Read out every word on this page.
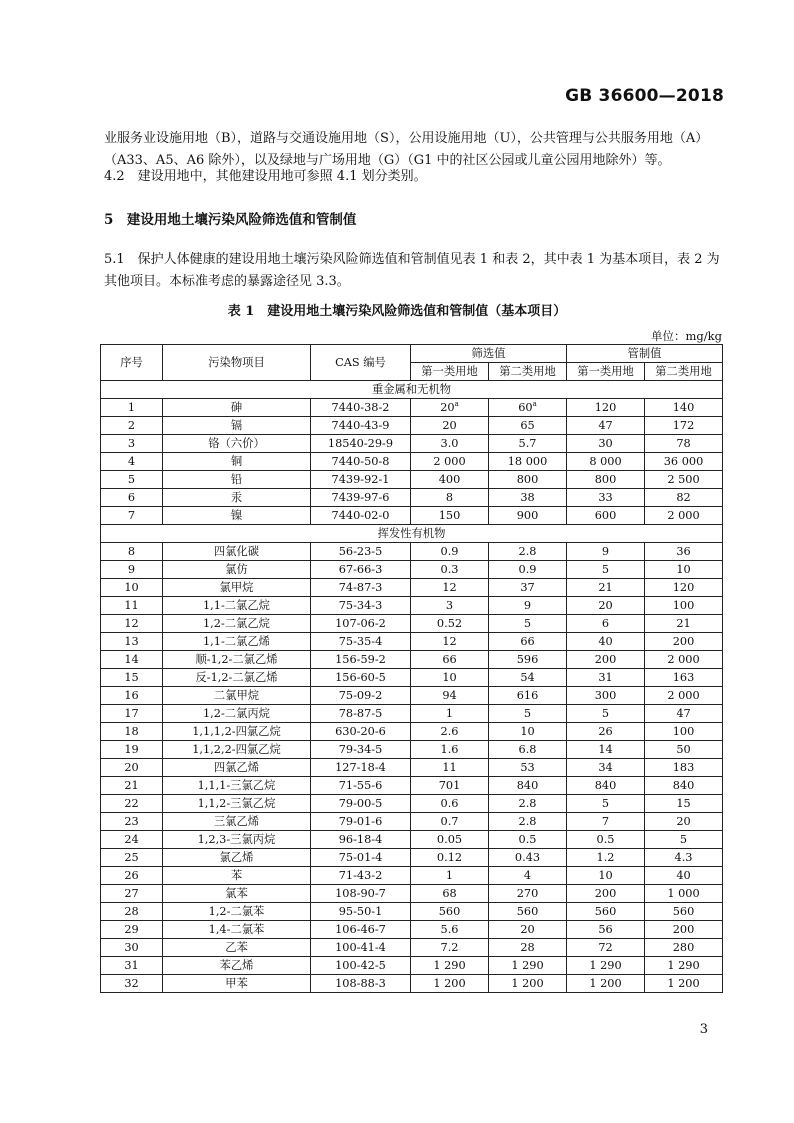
GB 36600—2018
业服务业设施用地（B），道路与交通设施用地（S），公用设施用地（U），公共管理与公共服务用地（A）（A33、A5、A6 除外），以及绿地与广场用地（G）（G1 中的社区公园或儿童公园用地除外）等。
4.2　建设用地中，其他建设用地可参照 4.1 划分类别。
5　建设用地土壤污染风险筛选值和管制值
5.1　保护人体健康的建设用地土壤污染风险筛选值和管制值见表 1 和表 2，其中表 1 为基本项目，表 2 为其他项目。本标准考虑的暴露途径见 3.3。
表 1　建设用地土壤污染风险筛选值和管制值（基本项目）
单位：mg/kg
序号	污染物项目	CAS 编号	筛选值		管制值	
			第一类用地	第二类用地	第一类用地	第二类用地
重金属和无机物						
1	砷	7440-38-2	20$^a$	60$^a$	120	140
2	镉	7440-43-9	20	65	47	172
3	铬（六价）	18540-29-9	3.0	5.7	30	78
4	铜	7440-50-8	2 000	18 000	8 000	36 000
5	铅	7439-92-1	400	800	800	2 500
6	汞	7439-97-6	8	38	33	82
7	镍	7440-02-0	150	900	600	2 000
挥发性有机物						
8	四氯化碳	56-23-5	0.9	2.8	9	36
9	氯仿	67-66-3	0.3	0.9	5	10
10	氯甲烷	74-87-3	12	37	21	120
11	1,1-二氯乙烷	75-34-3	3	9	20	100
12	1,2-二氯乙烷	107-06-2	0.52	5	6	21
13	1,1-二氯乙烯	75-35-4	12	66	40	200
14	顺-1,2-二氯乙烯	156-59-2	66	596	200	2 000
15	反-1,2-二氯乙烯	156-60-5	10	54	31	163
16	二氯甲烷	75-09-2	94	616	300	2 000
17	1,2-二氯丙烷	78-87-5	1	5	5	47
18	1,1,1,2-四氯乙烷	630-20-6	2.6	10	26	100
19	1,1,2,2-四氯乙烷	79-34-5	1.6	6.8	14	50
20	四氯乙烯	127-18-4	11	53	34	183
21	1,1,1-三氯乙烷	71-55-6	701	840	840	840
22	1,1,2-三氯乙烷	79-00-5	0.6	2.8	5	15
23	三氯乙烯	79-01-6	0.7	2.8	7	20
24	1,2,3-三氯丙烷	96-18-4	0.05	0.5	0.5	5
25	氯乙烯	75-01-4	0.12	0.43	1.2	4.3
26	苯	71-43-2	1	4	10	40
27	氯苯	108-90-7	68	270	200	1 000
28	1,2-二氯苯	95-50-1	560	560	560	560
29	1,4-二氯苯	106-46-7	5.6	20	56	200
30	乙苯	100-41-4	7.2	28	72	280
31	苯乙烯	100-42-5	1 290	1 290	1 290	1 290
32	甲苯	108-88-3	1 200	1 200	1 200	1 200
3
